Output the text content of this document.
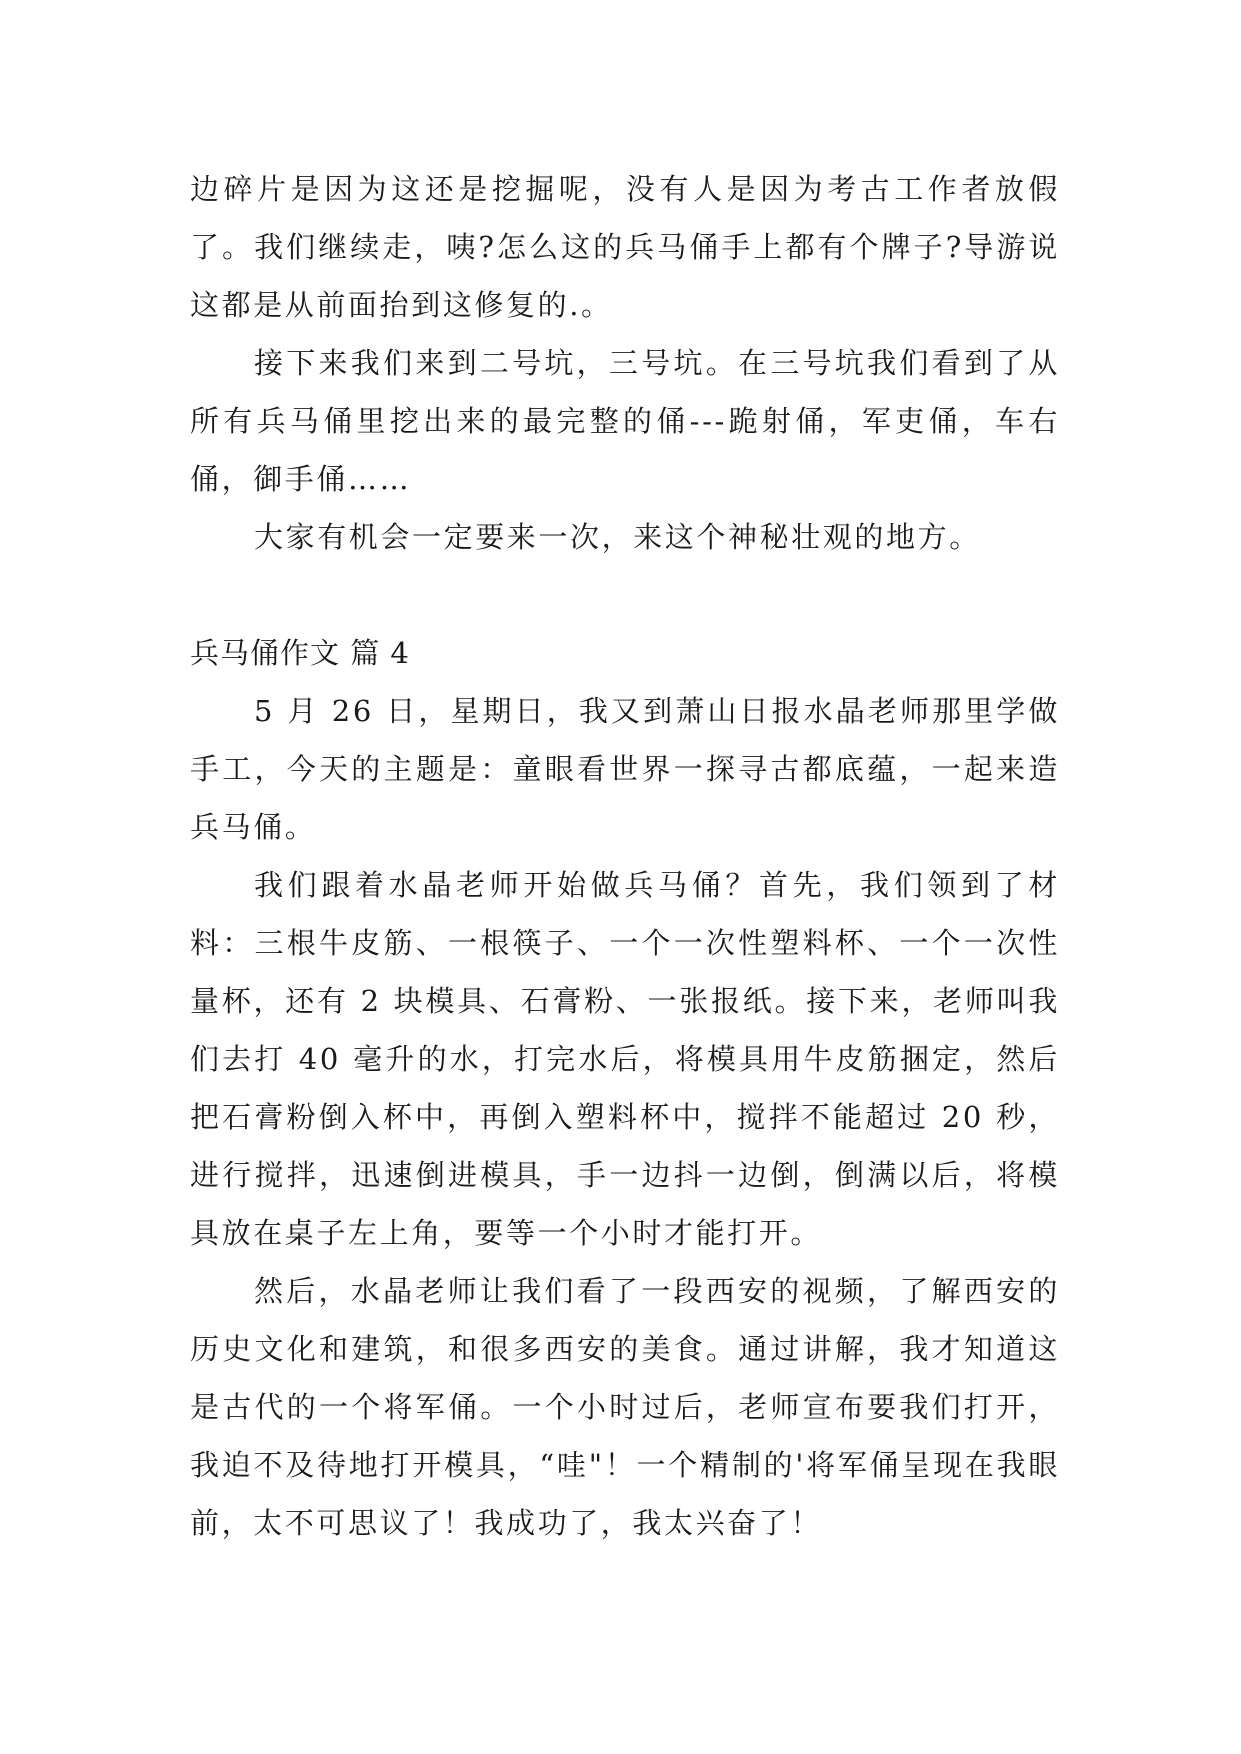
边碎片是因为这还是挖掘呢，没有人是因为考古工作者放假了。我们继续走，咦?怎么这的兵马俑手上都有个牌子?导游说这都是从前面抬到这修复的.。

接下来我们来到二号坑，三号坑。在三号坑我们看到了从所有兵马俑里挖出来的最完整的俑---跪射俑，军吏俑，车右俑，御手俑……

大家有机会一定要来一次，来这个神秘壮观的地方。

兵马俑作文 篇 4

5 月 26 日，星期日，我又到萧山日报水晶老师那里学做手工，今天的主题是：童眼看世界一探寻古都底蕴，一起来造兵马俑。

我们跟着水晶老师开始做兵马俑？首先，我们领到了材料：三根牛皮筋、一根筷子、一个一次性塑料杯、一个一次性量杯，还有 2 块模具、石膏粉、一张报纸。接下来，老师叫我们去打 40 毫升的水，打完水后，将模具用牛皮筋捆定，然后把石膏粉倒入杯中，再倒入塑料杯中，搅拌不能超过 20 秒，进行搅拌，迅速倒进模具，手一边抖一边倒，倒满以后，将模具放在桌子左上角，要等一个小时才能打开。

然后，水晶老师让我们看了一段西安的视频，了解西安的历史文化和建筑，和很多西安的美食。通过讲解，我才知道这是古代的一个将军俑。一个小时过后，老师宣布要我们打开，我迫不及待地打开模具，“哇"！一个精制的'将军俑呈现在我眼前，太不可思议了！我成功了，我太兴奋了！
